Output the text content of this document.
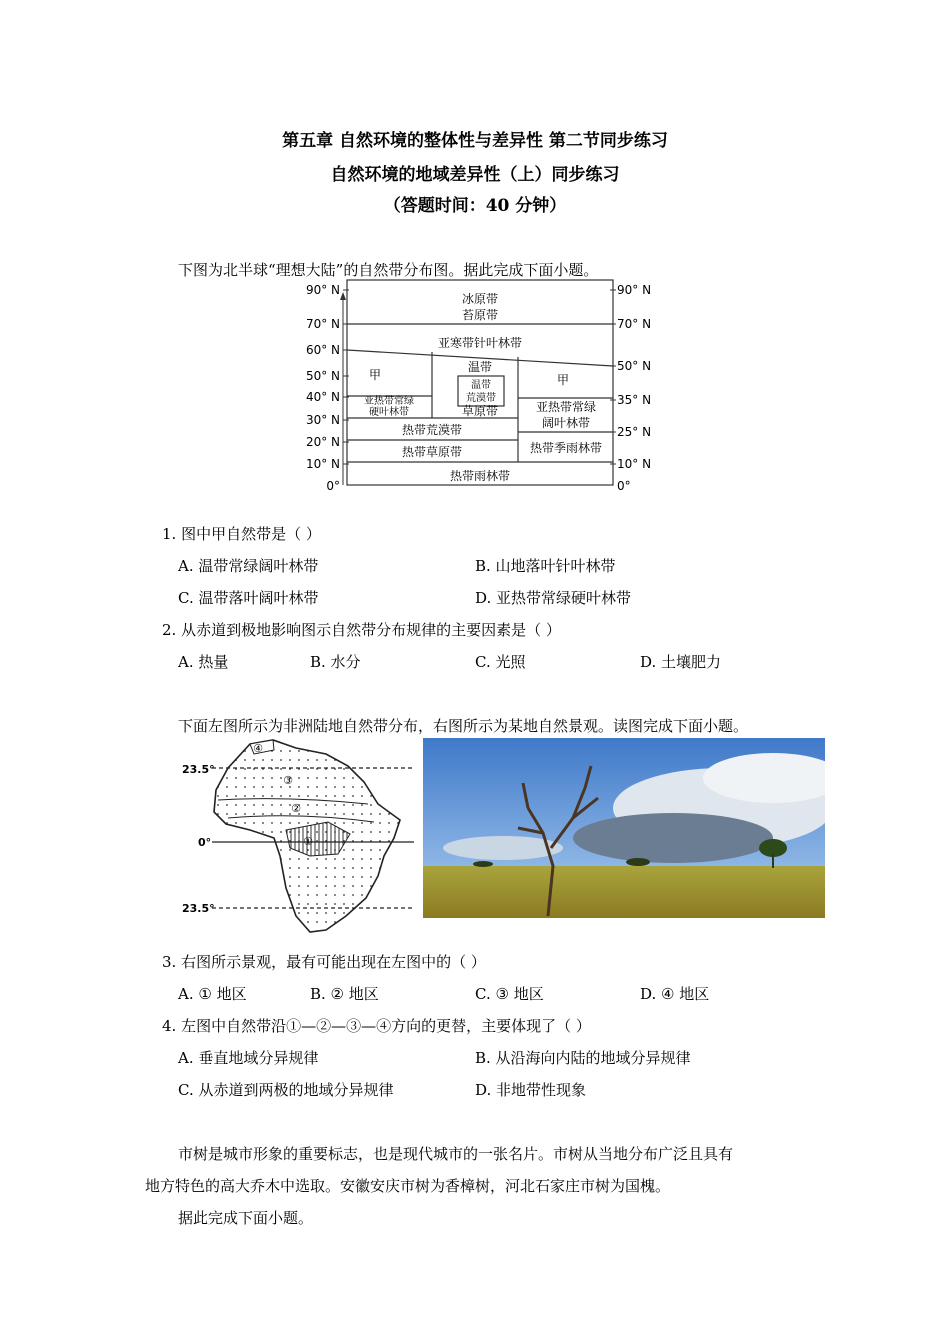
第五章 自然环境的整体性与差异性 第二节同步练习
自然环境的地域差异性（上）同步练习
（答题时间：40 分钟）
下图为北半球“理想大陆”的自然带分布图。据此完成下面小题。
90° N
70° N
60° N
50° N
40° N
30° N
20° N
10° N
0°
90° N
70° N
50° N
35° N
25° N
10° N
0°
冰原带
苔原带
亚寒带针叶林带
甲	甲
温带
温带
荒漠带
草原带
亚热带常绿
硬叶林带	亚热带常绿
阔叶林带
热带荒漠带
热带草原带	热带季雨林带
热带雨林带
1. 图中甲自然带是（ ）
A. 温带常绿阔叶林带	B. 山地落叶针叶林带
C. 温带落叶阔叶林带	D. 亚热带常绿硬叶林带
2. 从赤道到极地影响图示自然带分布规律的主要因素是（ ）
A. 热量	B. 水分	C. 光照	D. 土壤肥力
下面左图所示为非洲陆地自然带分布，右图所示为某地自然景观。读图完成下面小题。
23.5°
0°
23.5°
①
②
③
④
3. 右图所示景观，最有可能出现在左图中的（ ）
A. ① 地区	B. ② 地区	C. ③ 地区	D. ④ 地区
4. 左图中自然带沿①—②—③—④方向的更替，主要体现了（ ）
A. 垂直地域分异规律	B. 从沿海向内陆的地域分异规律
C. 从赤道到两极的地域分异规律	D. 非地带性现象
市树是城市形象的重要标志，也是现代城市的一张名片。市树从当地分布广泛且具有
地方特色的高大乔木中选取。安徽安庆市树为香樟树，河北石家庄市树为国槐。
据此完成下面小题。
